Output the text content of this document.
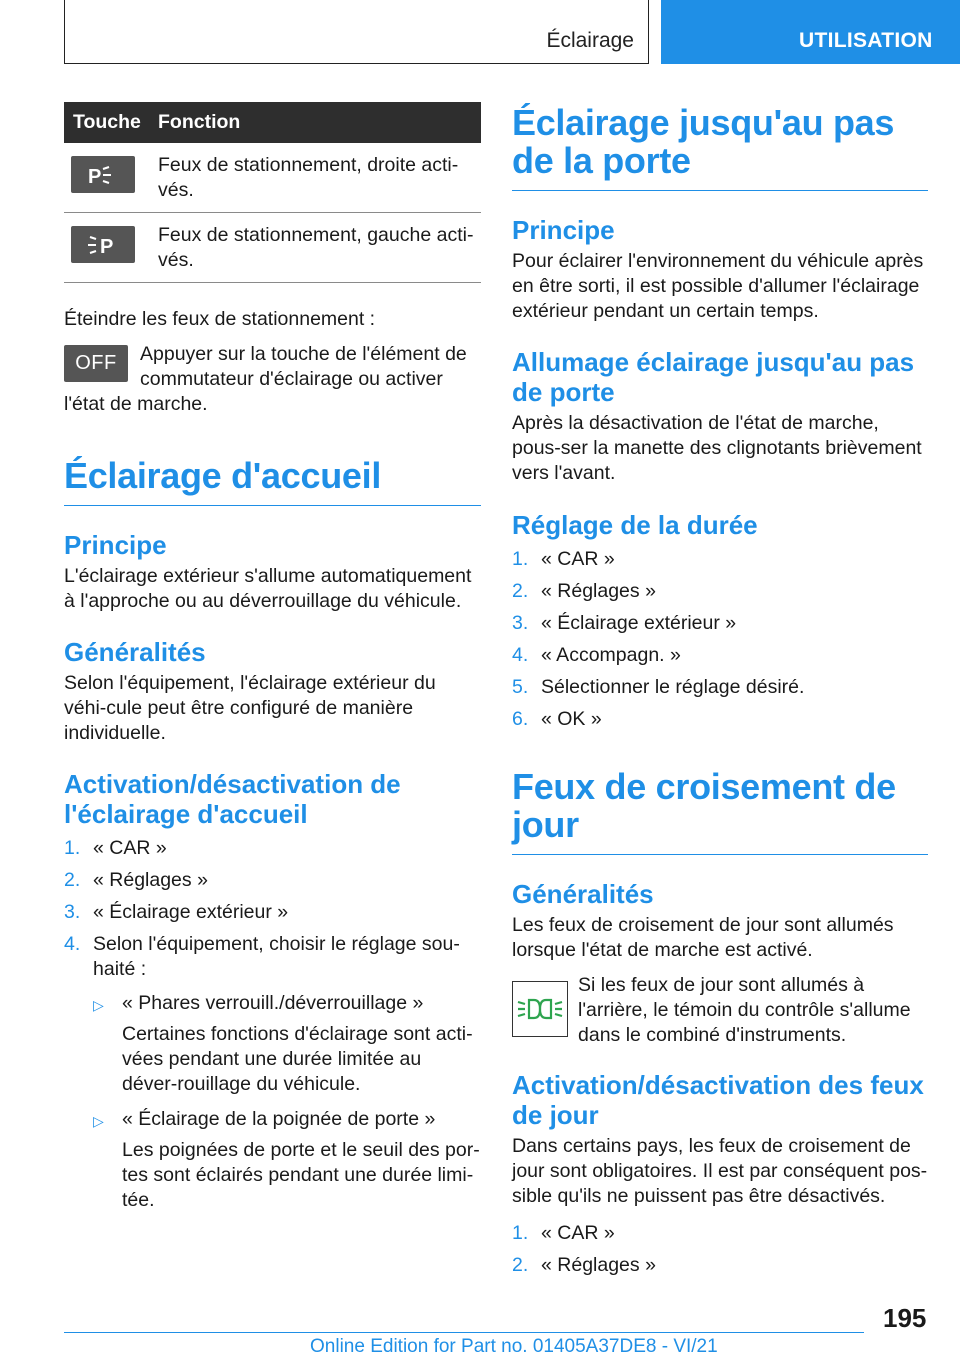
Éclairage	UTILISATION
Touche Fonction
P
Feux de stationnement, droite acti-vés.
P
Feux de stationnement, gauche acti-vés.
Éteindre les feux de stationnement :
OFF	Appuyer sur la touche de l'élément de commutateur d'éclairage ou activer l'état de marche.
Éclairage d'accueil
Principe
L'éclairage extérieur s'allume automatiquement à l'approche ou au déverrouillage du véhicule.
Généralités
Selon l'équipement, l'éclairage extérieur du véhi-cule peut être configuré de manière individuelle.
Activation/désactivation de l'éclairage d'accueil
1. « CAR »
2. « Réglages »
3. « Éclairage extérieur »
4. Selon l'équipement, choisir le réglage sou-haité :
▷ « Phares verrouill./déverrouillage »
Certaines fonctions d'éclairage sont acti-vées pendant une durée limitée au déver-rouillage du véhicule.
▷ « Éclairage de la poignée de porte »
Les poignées de porte et le seuil des por-tes sont éclairés pendant une durée limi-tée.
Éclairage jusqu'au pas de la porte
Principe
Pour éclairer l'environnement du véhicule après en être sorti, il est possible d'allumer l'éclairage extérieur pendant un certain temps.
Allumage éclairage jusqu'au pas de porte
Après la désactivation de l'état de marche, pous-ser la manette des clignotants brièvement vers l'avant.
Réglage de la durée
1. « CAR »
2. « Réglages »
3. « Éclairage extérieur »
4. « Accompagn. »
5. Sélectionner le réglage désiré.
6. « OK »
Feux de croisement de jour
Généralités
Les feux de croisement de jour sont allumés lorsque l'état de marche est activé.
Si les feux de jour sont allumés à l'arrière, le témoin du contrôle s'allume dans le combiné d'instruments.
Activation/désactivation des feux de jour
Dans certains pays, les feux de croisement de jour sont obligatoires. Il est par conséquent pos-sible qu'ils ne puissent pas être désactivés.
1. « CAR »
2. « Réglages »
195
Online Edition for Part no. 01405A37DE8 - VI/21
